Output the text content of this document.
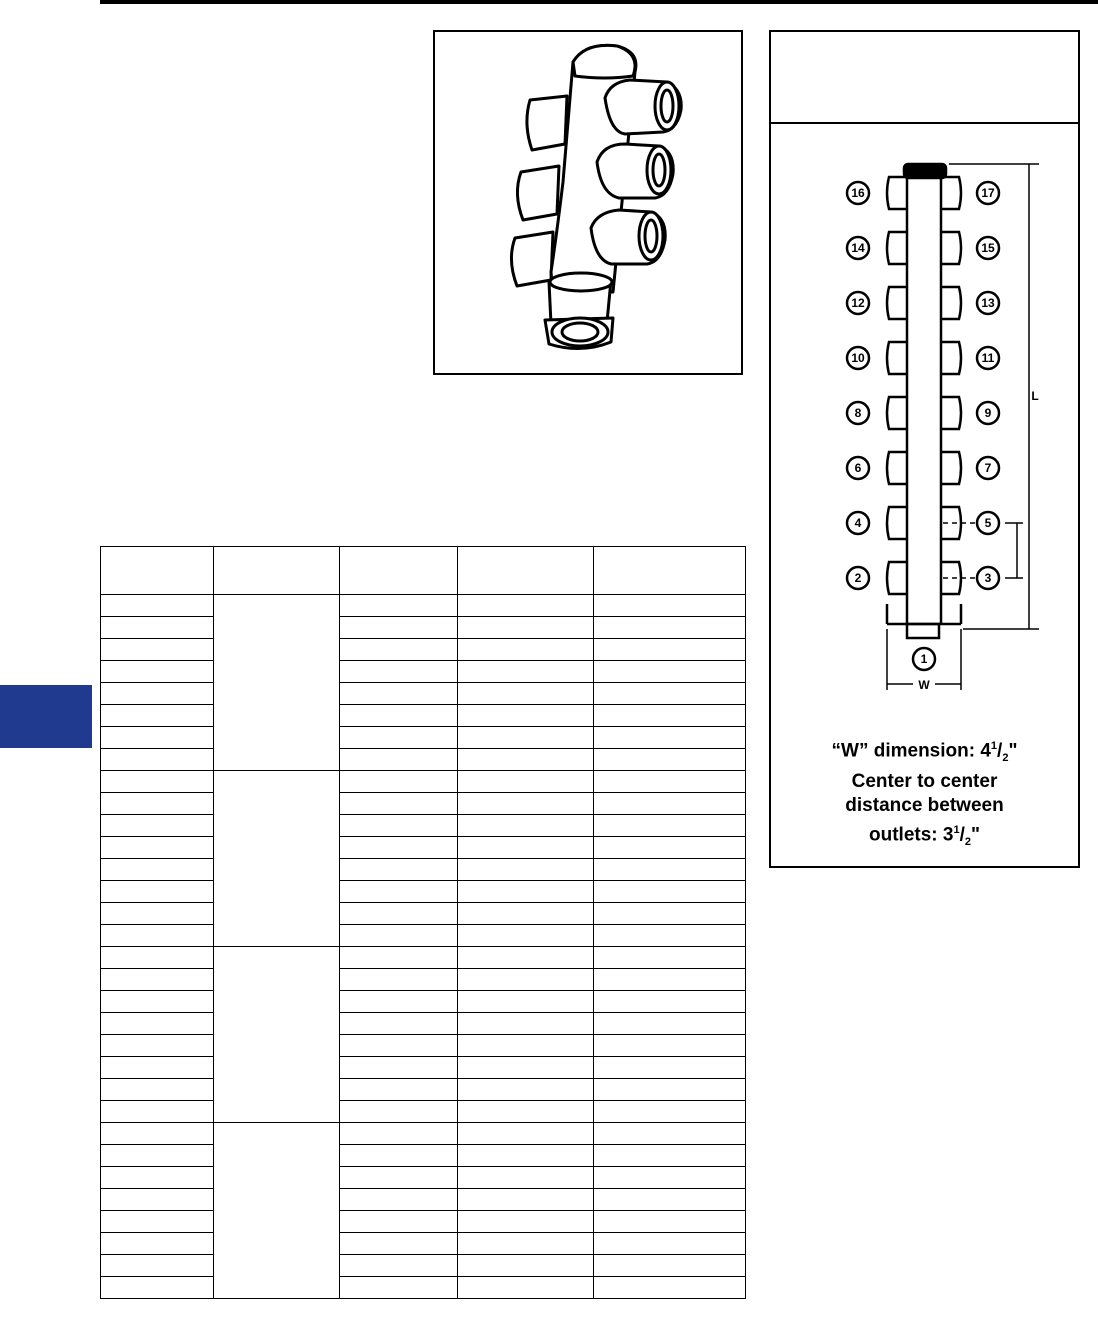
16	17
14	15
12	13
10	11
8	9
6	7
4	5
2	3
1
L
W
“W” dimension: $4^1/_2$"
Center to center
distance between
outlets: $3^1/_2$"
